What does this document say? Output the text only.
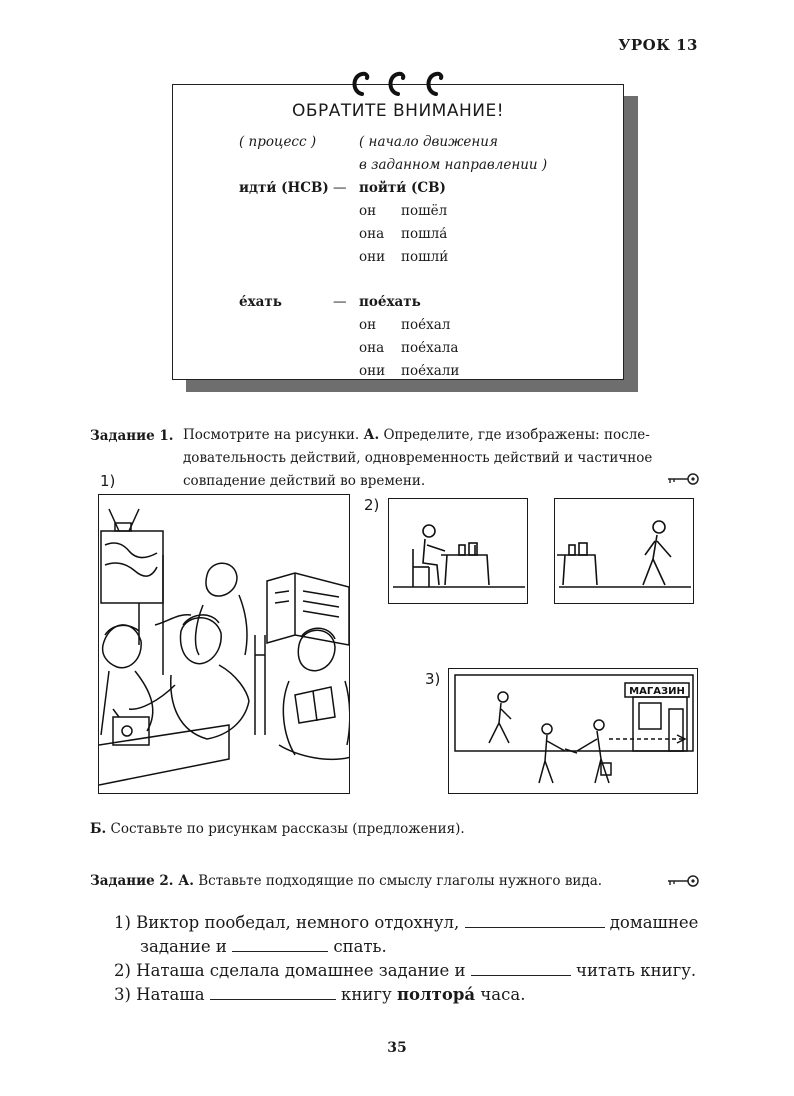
УРОК 13
ОБРАТИТЕ ВНИМАНИЕ!
( процесс )	( начало движения
в заданном направлении )
идти́ (НСВ) — пойти́ (СВ)
он пошёл
она пошла́
они пошли́
е́хать	— пое́хать
он пое́хал
она пое́хала
они пое́хали
Задание 1. Посмотрите на рисунки. А. Определите, где изображены: после-
довательность действий, одновременность действий и частичное
совпадение действий во времени.
1)
2)
3)
МАГАЗИН
Б. Составьте по рисункам рассказы (предложения).
Задание 2. А. Вставьте подходящие по смыслу глаголы нужного вида.
1) Виктор пообедал, немного отдохнул,	домашнее
задание и	спать.
2) Наташа сделала домашнее задание и	читать книгу.
3) Наташа	книгу полтора́ часа.
35
